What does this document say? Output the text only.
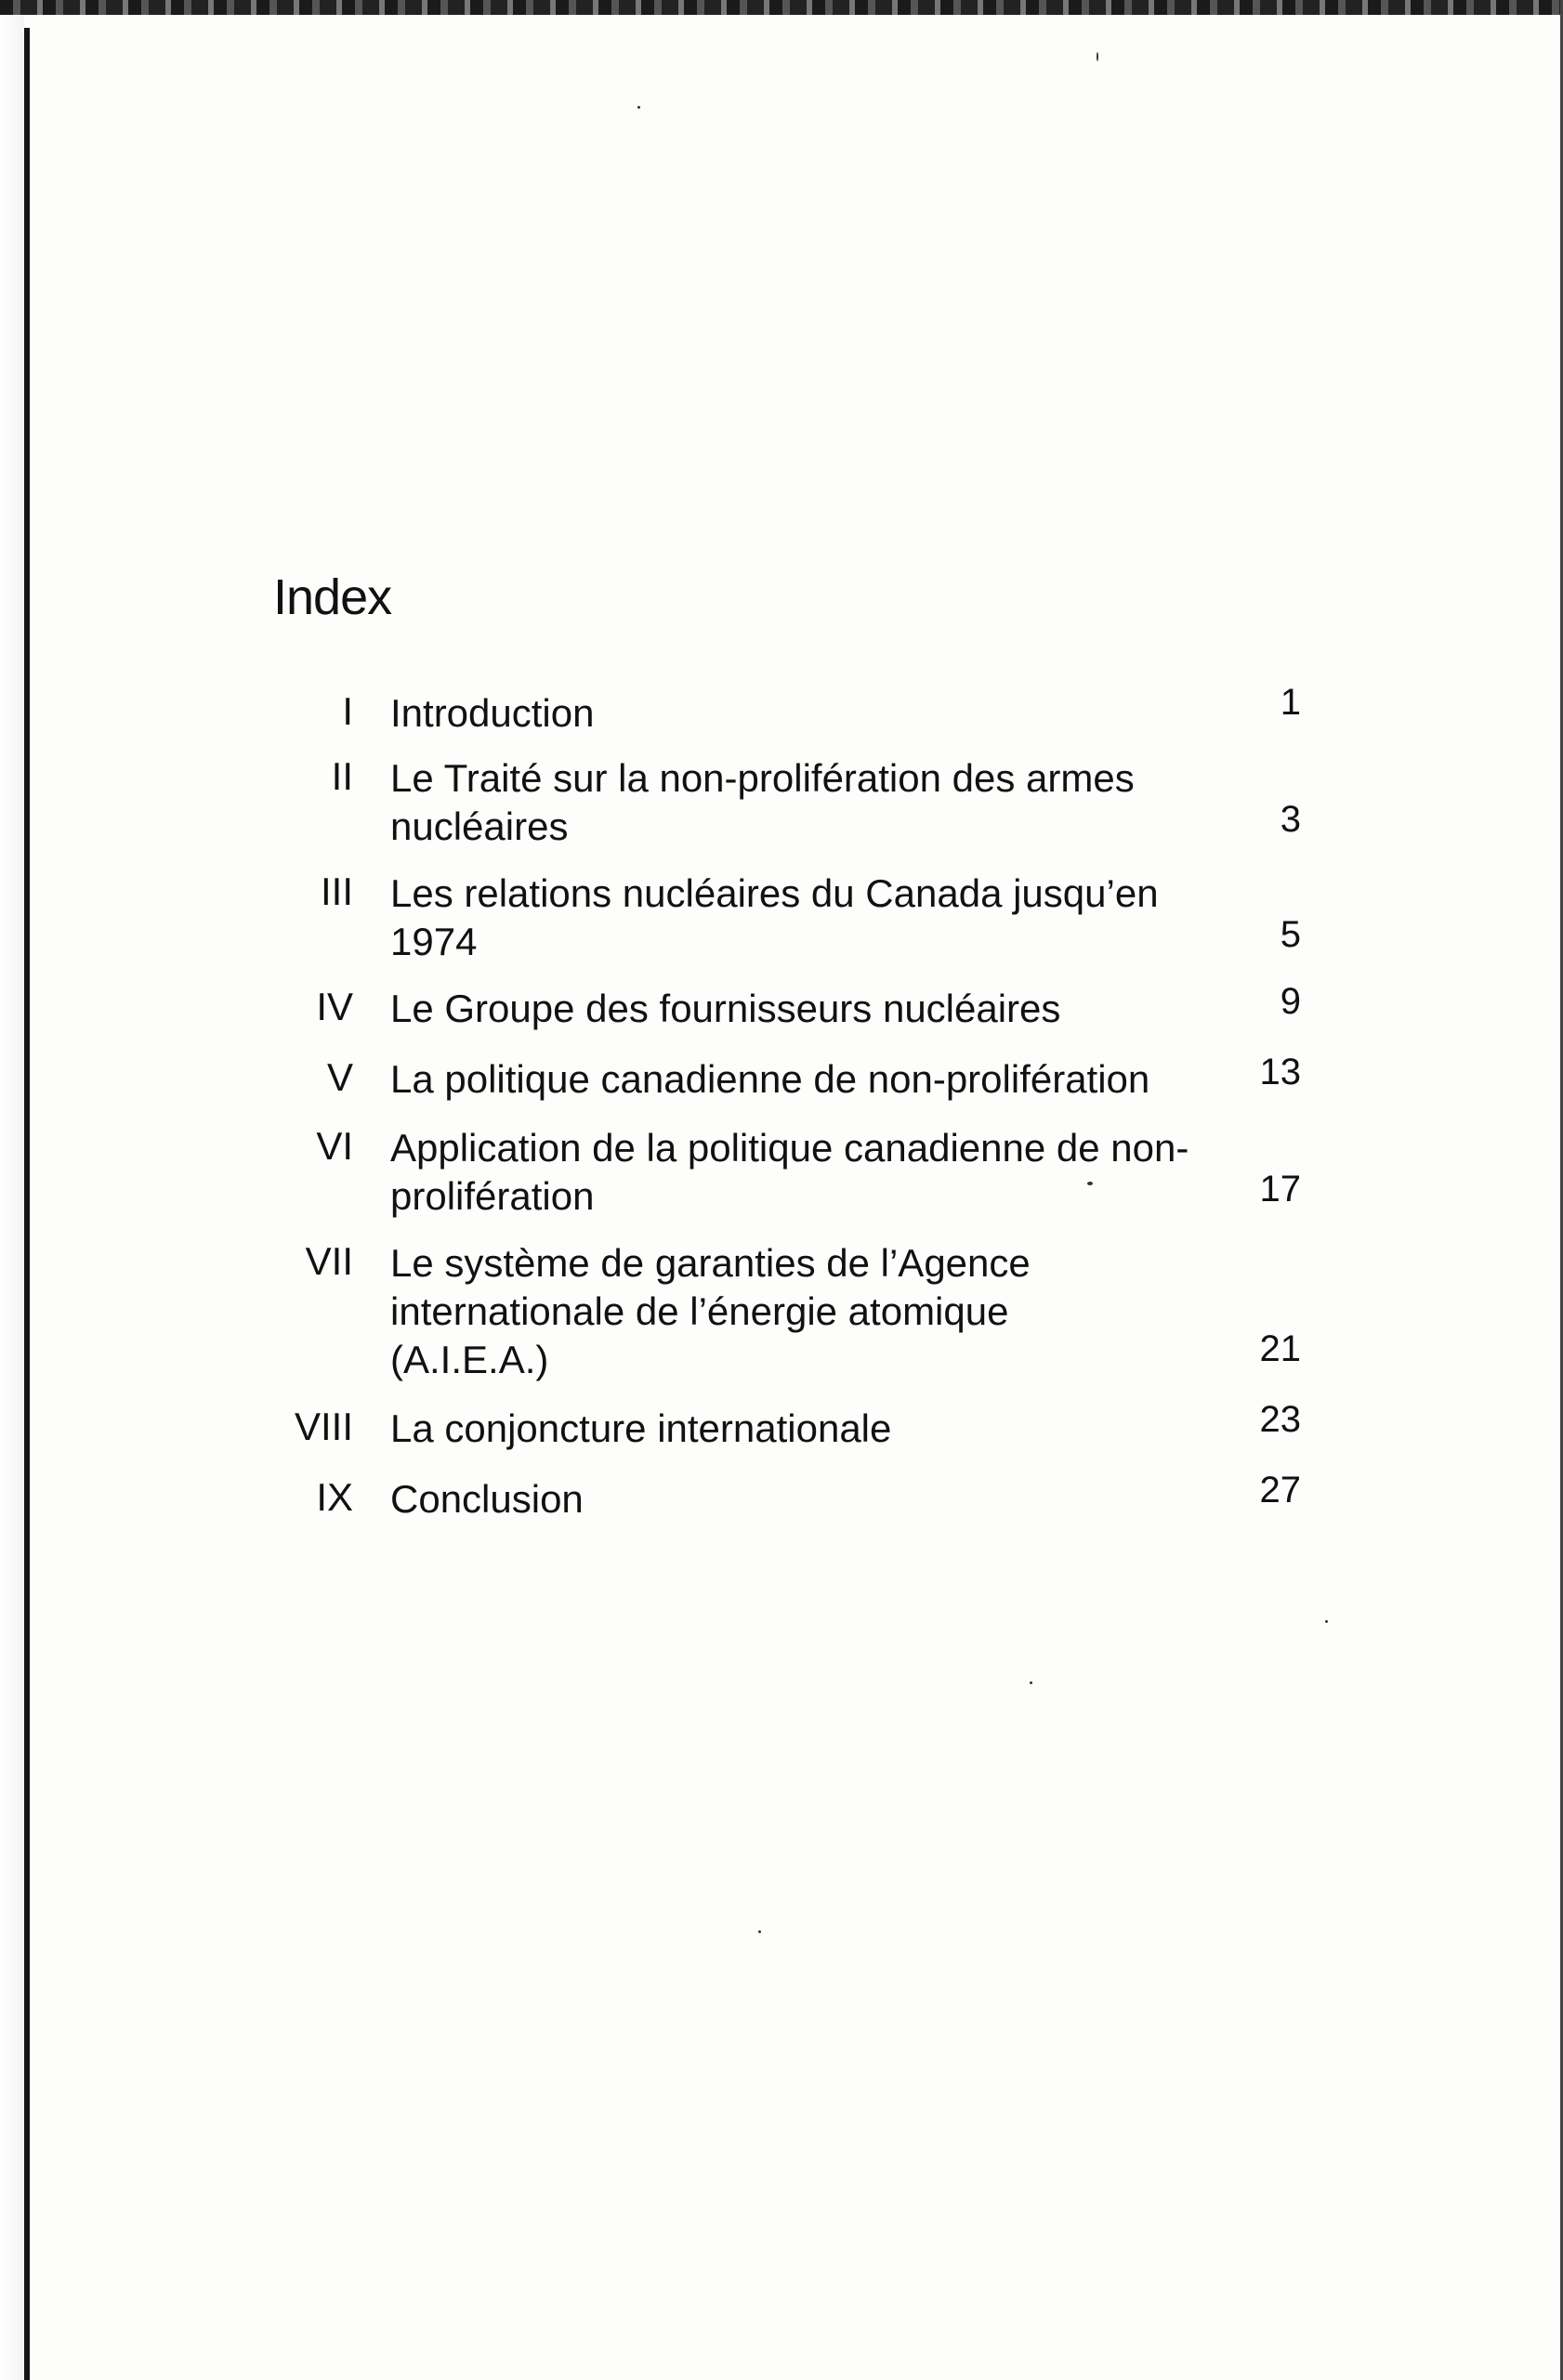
Index
I Introduction	1
II Le Traité sur la non-prolifération des armes nucléaires	3
III Les relations nucléaires du Canada jusqu’en 1974	5
IV Le Groupe des fournisseurs nucléaires	9
V La politique canadienne de non-prolifération	13
VI Application de la politique canadienne de non-prolifération	17
VII Le système de garanties de l’Agence internationale de l’énergie atomique (A.I.E.A.)	21
VIII La conjoncture internationale	23
IX Conclusion	27
